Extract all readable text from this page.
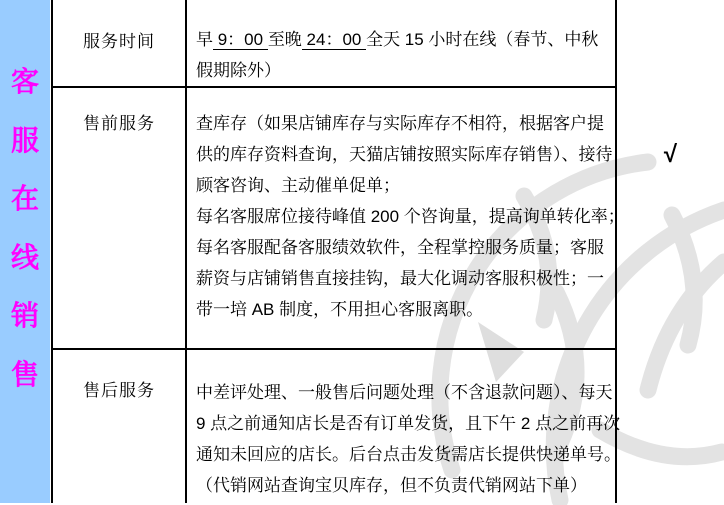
客
服
在
线
销
售
服务时间
售前服务
售后服务
早 9：00 至晚 24：00 全天 15 小时在线（春节、中秋
假期除外）
查库存（如果店铺库存与实际库存不相符，根据客户提
供的库存资料查询，天猫店铺按照实际库存销售）、接待
顾客咨询、主动催单促单；
每名客服席位接待峰值 200 个咨询量，提高询单转化率；
每名客服配备客服绩效软件，全程掌控服务质量；客服
薪资与店铺销售直接挂钩，最大化调动客服积极性；一
带一培 AB 制度，不用担心客服离职。
中差评处理、一般售后问题处理（不含退款问题）、每天
9 点之前通知店长是否有订单发货，且下午 2 点之前再次
通知未回应的店长。后台点击发货需店长提供快递单号。
（代销网站查询宝贝库存，但不负责代销网站下单）
√
